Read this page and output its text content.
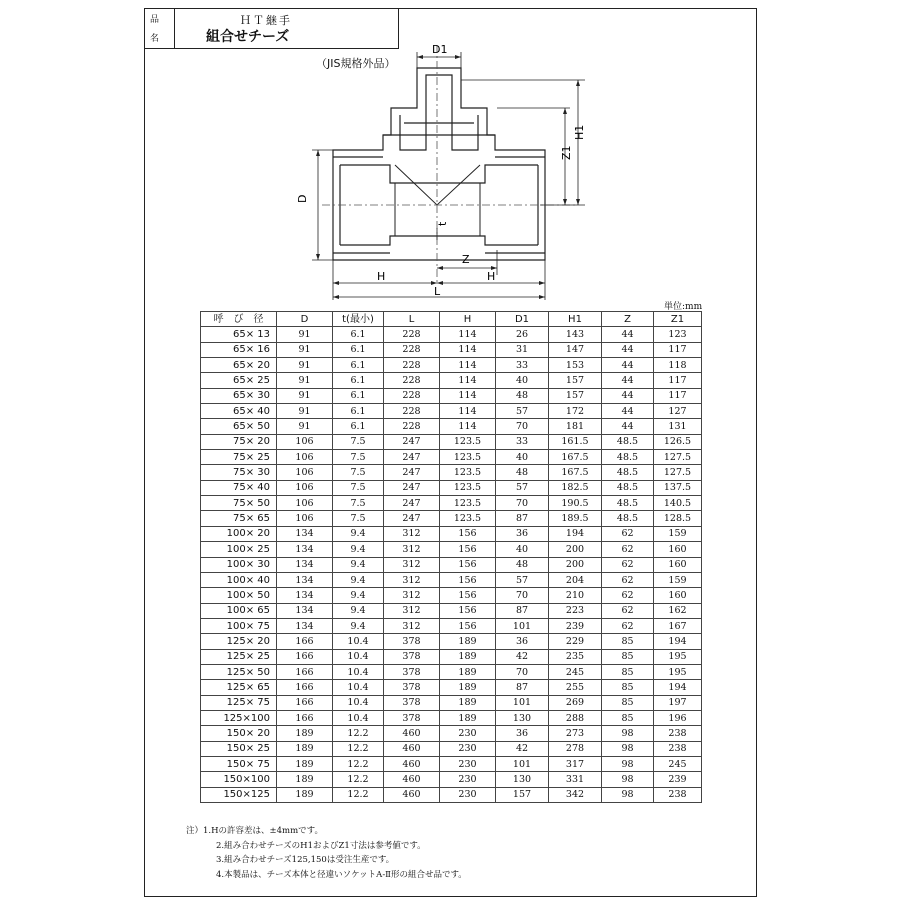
品
名
ＨＴ継手
組合せチーズ
（JIS規格外品）
D1
H1
Z1
D
t
Z
H	H
L
単位:mm
呼　び　径	D	t(最小)	L	H	D1	H1	Z	Z1
65× 13	91	6.1	228	114	26	143	44	123
65× 16	91	6.1	228	114	31	147	44	117
65× 20	91	6.1	228	114	33	153	44	118
65× 25	91	6.1	228	114	40	157	44	117
65× 30	91	6.1	228	114	48	157	44	117
65× 40	91	6.1	228	114	57	172	44	127
65× 50	91	6.1	228	114	70	181	44	131
75× 20	106	7.5	247	123.5	33	161.5	48.5	126.5
75× 25	106	7.5	247	123.5	40	167.5	48.5	127.5
75× 30	106	7.5	247	123.5	48	167.5	48.5	127.5
75× 40	106	7.5	247	123.5	57	182.5	48.5	137.5
75× 50	106	7.5	247	123.5	70	190.5	48.5	140.5
75× 65	106	7.5	247	123.5	87	189.5	48.5	128.5
100× 20	134	9.4	312	156	36	194	62	159
100× 25	134	9.4	312	156	40	200	62	160
100× 30	134	9.4	312	156	48	200	62	160
100× 40	134	9.4	312	156	57	204	62	159
100× 50	134	9.4	312	156	70	210	62	160
100× 65	134	9.4	312	156	87	223	62	162
100× 75	134	9.4	312	156	101	239	62	167
125× 20	166	10.4	378	189	36	229	85	194
125× 25	166	10.4	378	189	42	235	85	195
125× 50	166	10.4	378	189	70	245	85	195
125× 65	166	10.4	378	189	87	255	85	194
125× 75	166	10.4	378	189	101	269	85	197
125×100	166	10.4	378	189	130	288	85	196
150× 20	189	12.2	460	230	36	273	98	238
150× 25	189	12.2	460	230	42	278	98	238
150× 75	189	12.2	460	230	101	317	98	245
150×100	189	12.2	460	230	130	331	98	239
150×125	189	12.2	460	230	157	342	98	238
注）1.Hの許容差は、±4mmです。
2.組み合わせチーズのH1およびZ1寸法は参考値です。
3.組み合わせチーズ125,150は受注生産です。
4.本製品は、チーズ本体と径違いソケットA-Ⅱ形の組合せ品です。
